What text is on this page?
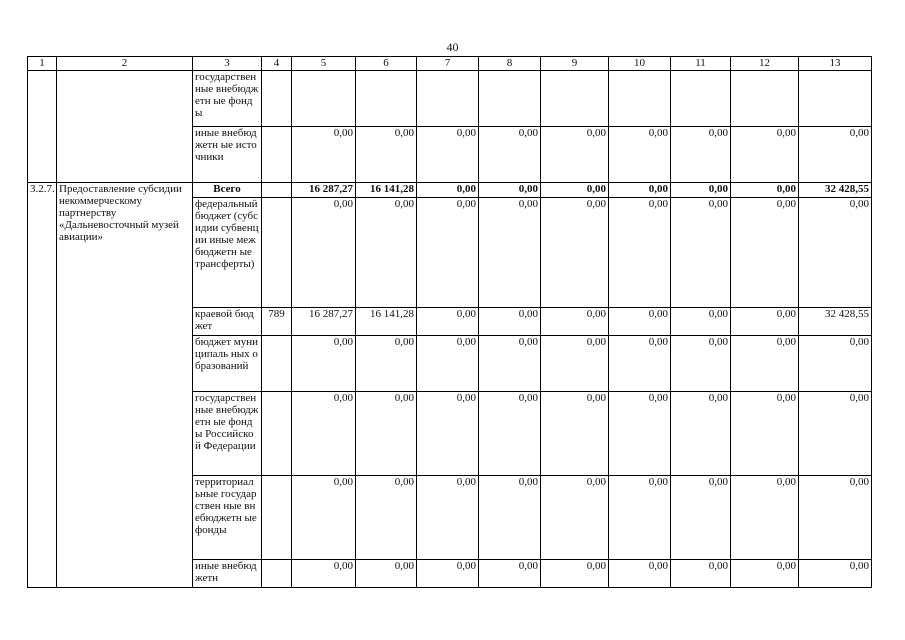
40
1	2	3	4	5	6	7	8	9	10	11	12	13
		государствен ные внебюджетн ые фонды										
		иные внебюджетн ые источники		0,00	0,00	0,00	0,00	0,00	0,00	0,00	0,00	0,00
3.2.7.	Предоставление субсидии некоммерческому партнерству «Дальневосточный музей авиации»	Всего		16 287,27	16 141,28	0,00	0,00	0,00	0,00	0,00	0,00	32 428,55
		федеральный бюджет (субсидии субвенции иные межбюджетн ые трансферты)		0,00	0,00	0,00	0,00	0,00	0,00	0,00	0,00	0,00
		краевой бюджет	789	16 287,27	16 141,28	0,00	0,00	0,00	0,00	0,00	0,00	32 428,55
		бюджет муниципаль ных образований		0,00	0,00	0,00	0,00	0,00	0,00	0,00	0,00	0,00
		государствен ные внебюджетн ые фонды Российской Федерации		0,00	0,00	0,00	0,00	0,00	0,00	0,00	0,00	0,00
		территориал ьные государствен ные внебюджетн ые фонды		0,00	0,00	0,00	0,00	0,00	0,00	0,00	0,00	0,00
		иные внебюджетн		0,00	0,00	0,00	0,00	0,00	0,00	0,00	0,00	0,00
